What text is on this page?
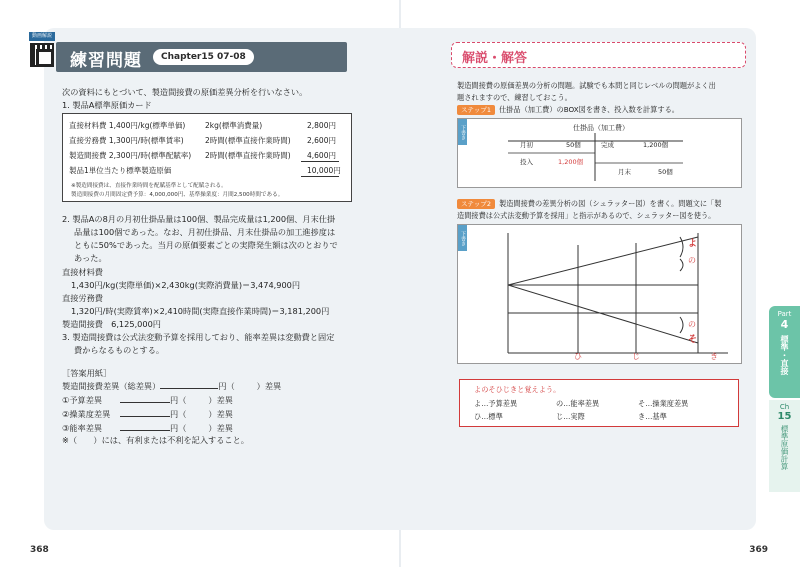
動画解説
練習問題	Chapter15 07-08
次の資料にもとづいて、製造間接費の原価差異分析を行いなさい。
1. 製品A標準原価カード
直接材料費 1,400円/kg(標準単価)	2kg(標準消費量)	2,800円
直接労務費 1,300円/時(標準賃率)	2時間(標準直接作業時間) 2,600円
製造間接費 2,300円/時(標準配賦率) 2時間(標準直接作業時間) 4,600円
製品1単位当たり標準製造原価	10,000円
※製造間接費は、直接作業時間を配賦基準として配賦される。
製造間接費の月間固定費予算：4,000,000円、基準操業度：月間2,500時間である。
2. 製品Aの8月の月初仕掛品量は100個、製品完成量は1,200個、月末仕掛
品量は100個であった。なお、月初仕掛品、月末仕掛品の加工進捗度は
ともに50%であった。当月の原価要素ごとの実際発生額は次のとおりで
あった。
直接材料費
1,430円/kg(実際単価)×2,430kg(実際消費量)＝3,474,900円
直接労務費
1,320円/時(実際賃率)×2,410時間(実際直接作業時間)＝3,181,200円
製造間接費　6,125,000円
3. 製造間接費は公式法変動予算を採用しており、能率差異は変動費と固定
費からなるものとする。
［答案用紙］
製造間接費差異（総差異）	円（	）差異
①予算差異	円（	）差異
②操業度差異	円（	）差異
③能率差異	円（	）差異
※（　　）には、有利または不利を記入すること。
368
解説・解答
製造間接費の原価差異の分析の問題。試験でも本問と同じレベルの問題がよく出
題されますので、練習しておこう。
ステップ1 仕掛品（加工費）のBOX図を書き、投入数を計算する。
下書き	仕掛品（加工費）
月初	50個
投入	1,200個
完成	1,200個
月末	50個
ステップ2 製造間接費の差異分析の図（シュラッター図）を書く。問題文に「製
造間接費は公式法変動予算を採用」と指示があるので、シュラッター図を使う。
下書き	よ
の
の
そ
ひ	じ	き
よのそひじきと覚えよう。
よ…予算差異	の…能率差異	そ…操業度差異
ひ…標準	じ…実際	き…基準
Part
4
標準・直接
Ch
15
標準原価計算
369
